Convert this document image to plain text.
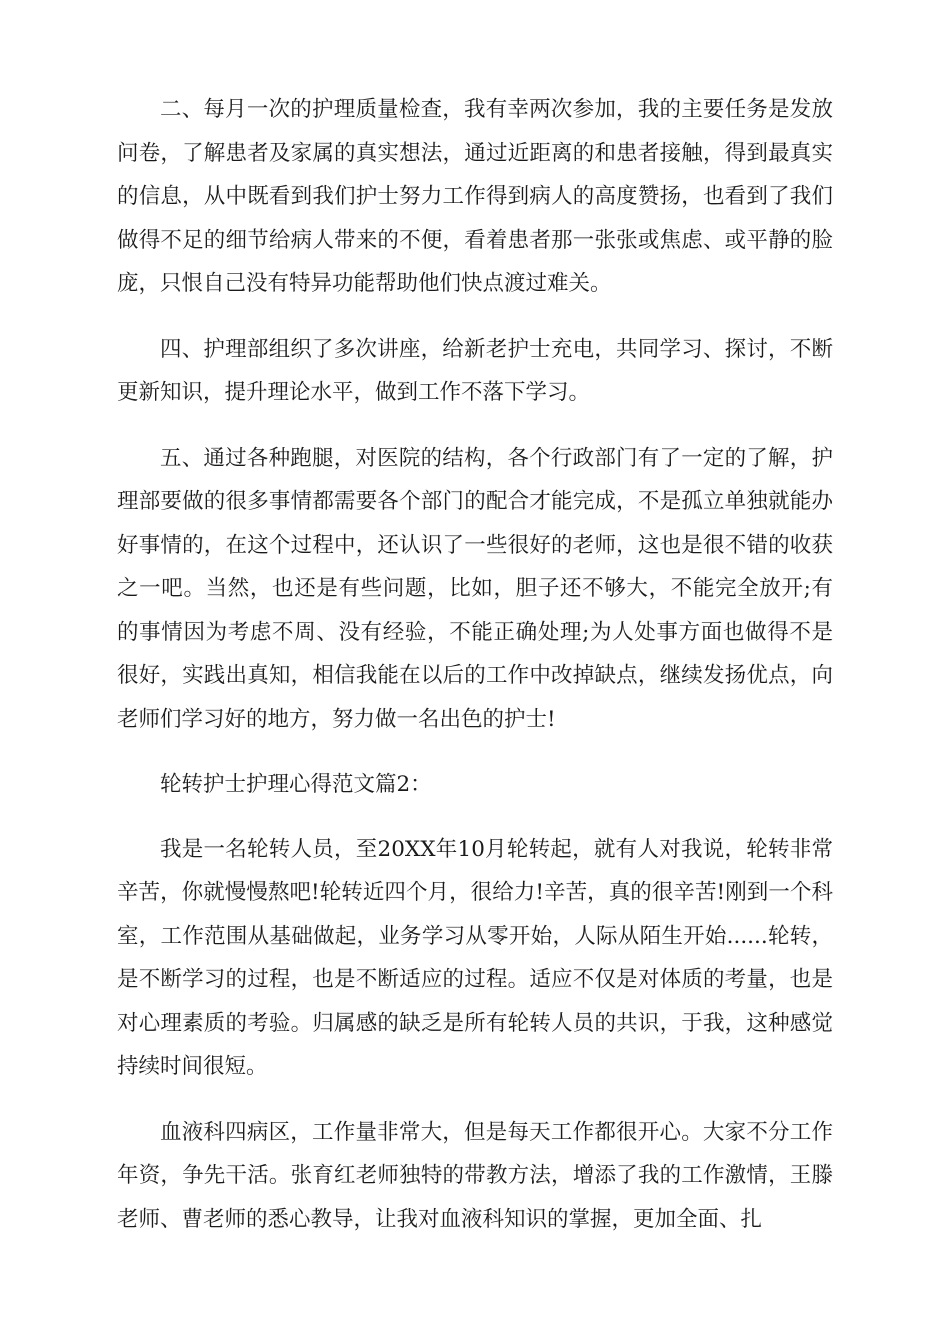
二、每月一次的护理质量检查，我有幸两次参加，我的主要任务是发放问卷，了解患者及家属的真实想法，通过近距离的和患者接触，得到最真实的信息，从中既看到我们护士努力工作得到病人的高度赞扬，也看到了我们做得不足的细节给病人带来的不便，看着患者那一张张或焦虑、或平静的脸庞，只恨自己没有特异功能帮助他们快点渡过难关。

四、护理部组织了多次讲座，给新老护士充电，共同学习、探讨，不断更新知识，提升理论水平，做到工作不落下学习。

五、通过各种跑腿，对医院的结构，各个行政部门有了一定的了解，护理部要做的很多事情都需要各个部门的配合才能完成，不是孤立单独就能办好事情的，在这个过程中，还认识了一些很好的老师，这也是很不错的收获之一吧。当然，也还是有些问题，比如，胆子还不够大，不能完全放开;有的事情因为考虑不周、没有经验，不能正确处理;为人处事方面也做得不是很好，实践出真知，相信我能在以后的工作中改掉缺点，继续发扬优点，向老师们学习好的地方，努力做一名出色的护士!

轮转护士护理心得范文篇2：

我是一名轮转人员，至20XX年10月轮转起，就有人对我说，轮转非常辛苦，你就慢慢熬吧!轮转近四个月，很给力!辛苦，真的很辛苦!刚到一个科室，工作范围从基础做起，业务学习从零开始，人际从陌生开始......轮转，是不断学习的过程，也是不断适应的过程。适应不仅是对体质的考量，也是对心理素质的考验。归属感的缺乏是所有轮转人员的共识，于我，这种感觉持续时间很短。

血液科四病区，工作量非常大，但是每天工作都很开心。大家不分工作年资，争先干活。张育红老师独特的带教方法，增添了我的工作激情，王滕老师、曹老师的悉心教导，让我对血液科知识的掌握，更加全面、扎
